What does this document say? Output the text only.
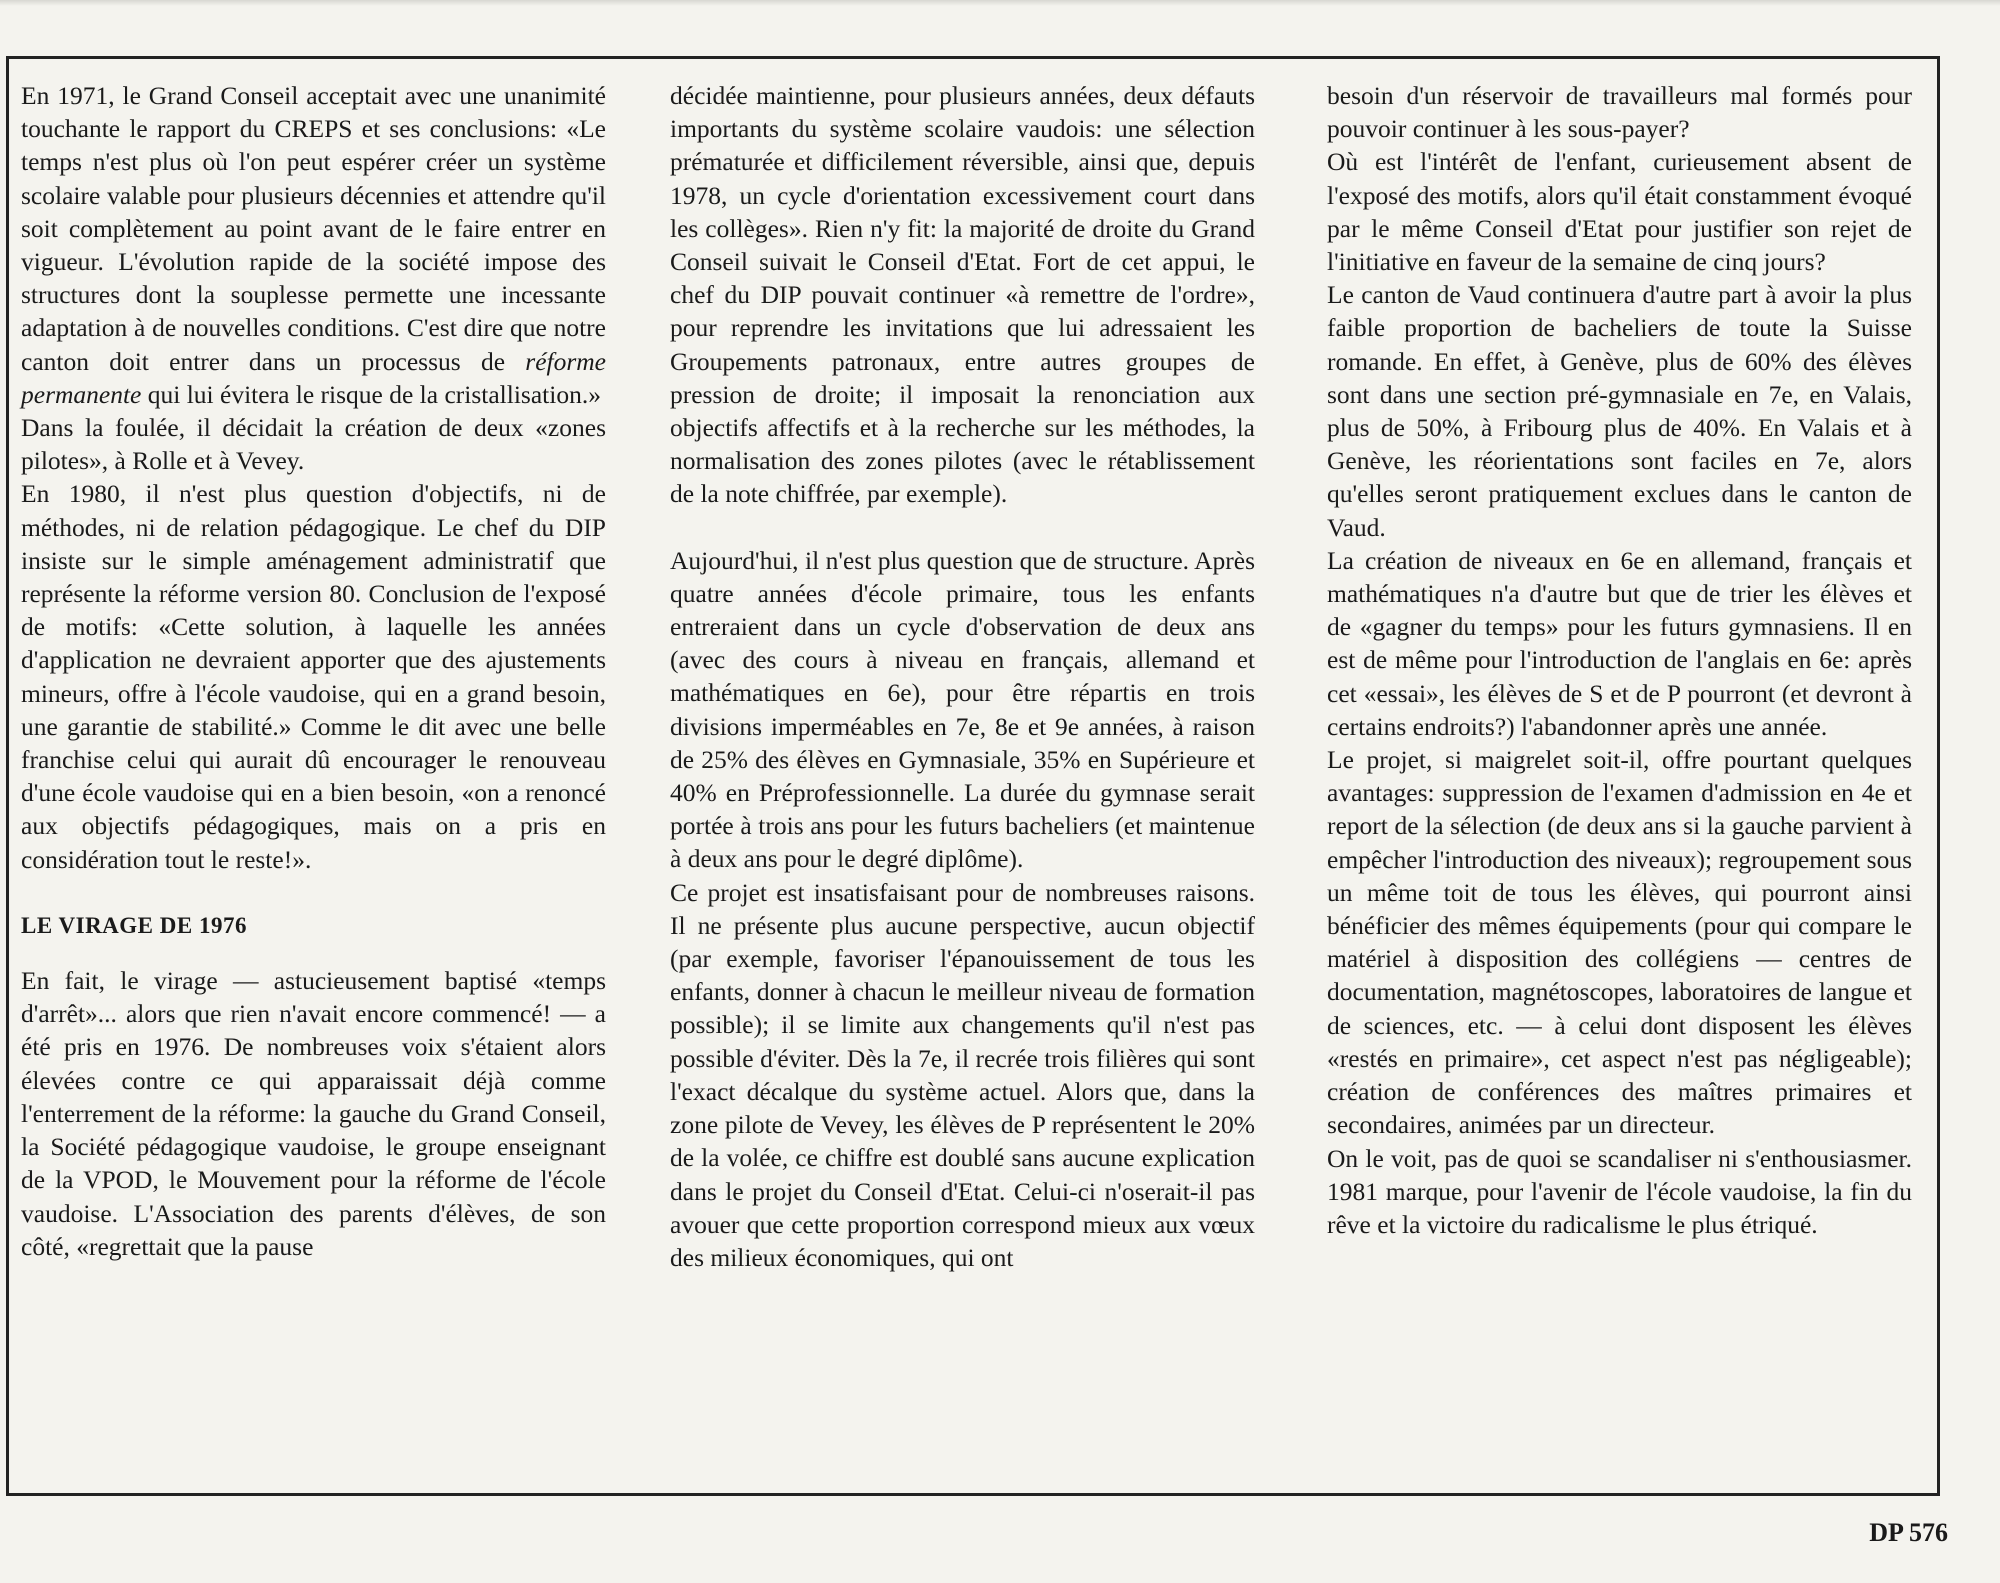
En 1971, le Grand Conseil acceptait avec une unanimité touchante le rapport du CREPS et ses conclusions: «Le temps n'est plus où l'on peut espérer créer un système scolaire valable pour plusieurs décennies et attendre qu'il soit complètement au point avant de le faire entrer en vigueur. L'évolution rapide de la société impose des structures dont la souplesse permette une incessante adaptation à de nouvelles conditions. C'est dire que notre canton doit entrer dans un processus de réforme permanente qui lui évitera le risque de la cristallisation.»

Dans la foulée, il décidait la création de deux «zones pilotes», à Rolle et à Vevey.

En 1980, il n'est plus question d'objectifs, ni de méthodes, ni de relation pédagogique. Le chef du DIP insiste sur le simple aménagement administratif que représente la réforme version 80. Conclusion de l'exposé de motifs: «Cette solution, à laquelle les années d'application ne devraient apporter que des ajustements mineurs, offre à l'école vaudoise, qui en a grand besoin, une garantie de stabilité.» Comme le dit avec une belle franchise celui qui aurait dû encourager le renouveau d'une école vaudoise qui en a bien besoin, «on a renoncé aux objectifs pédagogiques, mais on a pris en considération tout le reste!».

LE VIRAGE DE 1976

En fait, le virage — astucieusement baptisé «temps d'arrêt»... alors que rien n'avait encore commencé! — a été pris en 1976. De nombreuses voix s'étaient alors élevées contre ce qui apparaissait déjà comme l'enterrement de la réforme: la gauche du Grand Conseil, la Société pédagogique vaudoise, le groupe enseignant de la VPOD, le Mouvement pour la réforme de l'école vaudoise. L'Association des parents d'élèves, de son côté, «regrettait que la pause

décidée maintienne, pour plusieurs années, deux défauts importants du système scolaire vaudois: une sélection prématurée et difficilement réversible, ainsi que, depuis 1978, un cycle d'orientation excessivement court dans les collèges». Rien n'y fit: la majorité de droite du Grand Conseil suivait le Conseil d'Etat. Fort de cet appui, le chef du DIP pouvait continuer «à remettre de l'ordre», pour reprendre les invitations que lui adressaient les Groupements patronaux, entre autres groupes de pression de droite; il imposait la renonciation aux objectifs affectifs et à la recherche sur les méthodes, la normalisation des zones pilotes (avec le rétablissement de la note chiffrée, par exemple).

Aujourd'hui, il n'est plus question que de structure. Après quatre années d'école primaire, tous les enfants entreraient dans un cycle d'observation de deux ans (avec des cours à niveau en français, allemand et mathématiques en 6e), pour être répartis en trois divisions imperméables en 7e, 8e et 9e années, à raison de 25% des élèves en Gymnasiale, 35% en Supérieure et 40% en Préprofessionnelle. La durée du gymnase serait portée à trois ans pour les futurs bacheliers (et maintenue à deux ans pour le degré diplôme).

Ce projet est insatisfaisant pour de nombreuses raisons. Il ne présente plus aucune perspective, aucun objectif (par exemple, favoriser l'épanouissement de tous les enfants, donner à chacun le meilleur niveau de formation possible); il se limite aux changements qu'il n'est pas possible d'éviter. Dès la 7e, il recrée trois filières qui sont l'exact décalque du système actuel. Alors que, dans la zone pilote de Vevey, les élèves de P représentent le 20% de la volée, ce chiffre est doublé sans aucune explication dans le projet du Conseil d'Etat. Celui-ci n'oserait-il pas avouer que cette proportion correspond mieux aux vœux des milieux économiques, qui ont

besoin d'un réservoir de travailleurs mal formés pour pouvoir continuer à les sous-payer?

Où est l'intérêt de l'enfant, curieusement absent de l'exposé des motifs, alors qu'il était constamment évoqué par le même Conseil d'Etat pour justifier son rejet de l'initiative en faveur de la semaine de cinq jours?

Le canton de Vaud continuera d'autre part à avoir la plus faible proportion de bacheliers de toute la Suisse romande. En effet, à Genève, plus de 60% des élèves sont dans une section pré-gymnasiale en 7e, en Valais, plus de 50%, à Fribourg plus de 40%. En Valais et à Genève, les réorientations sont faciles en 7e, alors qu'elles seront pratiquement exclues dans le canton de Vaud.

La création de niveaux en 6e en allemand, français et mathématiques n'a d'autre but que de trier les élèves et de «gagner du temps» pour les futurs gymnasiens. Il en est de même pour l'introduction de l'anglais en 6e: après cet «essai», les élèves de S et de P pourront (et devront à certains endroits?) l'abandonner après une année.

Le projet, si maigrelet soit-il, offre pourtant quelques avantages: suppression de l'examen d'admission en 4e et report de la sélection (de deux ans si la gauche parvient à empêcher l'introduction des niveaux); regroupement sous un même toit de tous les élèves, qui pourront ainsi bénéficier des mêmes équipements (pour qui compare le matériel à disposition des collégiens — centres de documentation, magnétoscopes, laboratoires de langue et de sciences, etc. — à celui dont disposent les élèves «restés en primaire», cet aspect n'est pas négligeable); création de conférences des maîtres primaires et secondaires, animées par un directeur.

On le voit, pas de quoi se scandaliser ni s'enthousiasmer. 1981 marque, pour l'avenir de l'école vaudoise, la fin du rêve et la victoire du radicalisme le plus étriqué.

DP 576
